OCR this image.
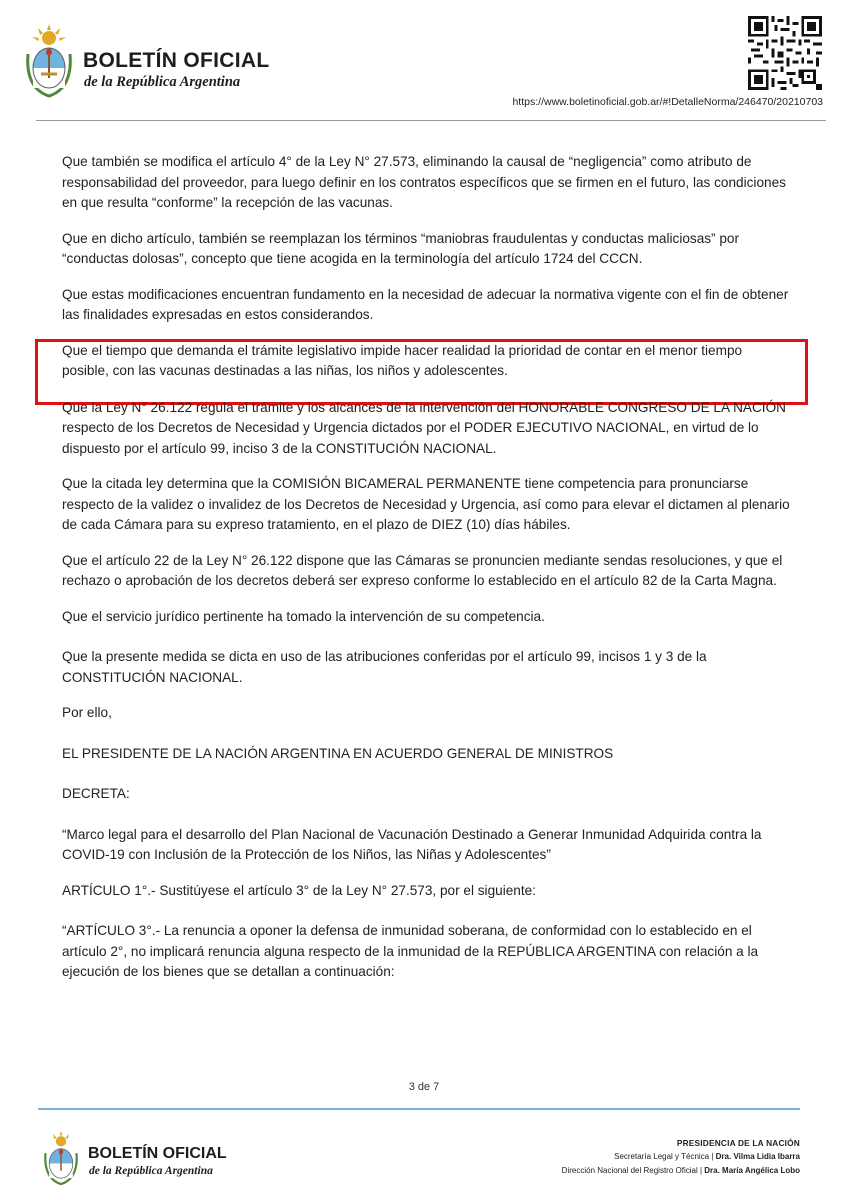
BOLETÍN OFICIAL
de la República Argentina
https://www.boletinoficial.gob.ar/#!DetalleNorma/246470/20210703

Que también se modifica el artículo 4° de la Ley N° 27.573, eliminando la causal de “negligencia” como atributo de responsabilidad del proveedor, para luego definir en los contratos específicos que se firmen en el futuro, las condiciones en que resulta “conforme” la recepción de las vacunas.

Que en dicho artículo, también se reemplazan los términos “maniobras fraudulentas y conductas maliciosas” por “conductas dolosas”, concepto que tiene acogida en la terminología del artículo 1724 del CCCN.

Que estas modificaciones encuentran fundamento en la necesidad de adecuar la normativa vigente con el fin de obtener las finalidades expresadas en estos considerandos.

Que el tiempo que demanda el trámite legislativo impide hacer realidad la prioridad de contar en el menor tiempo posible, con las vacunas destinadas a las niñas, los niños y adolescentes.

Que la Ley N° 26.122 regula el trámite y los alcances de la intervención del HONORABLE CONGRESO DE LA NACIÓN respecto de los Decretos de Necesidad y Urgencia dictados por el PODER EJECUTIVO NACIONAL, en virtud de lo dispuesto por el artículo 99, inciso 3 de la CONSTITUCIÓN NACIONAL.

Que la citada ley determina que la COMISIÓN BICAMERAL PERMANENTE tiene competencia para pronunciarse respecto de la validez o invalidez de los Decretos de Necesidad y Urgencia, así como para elevar el dictamen al plenario de cada Cámara para su expreso tratamiento, en el plazo de DIEZ (10) días hábiles.

Que el artículo 22 de la Ley N° 26.122 dispone que las Cámaras se pronuncien mediante sendas resoluciones, y que el rechazo o aprobación de los decretos deberá ser expreso conforme lo establecido en el artículo 82 de la Carta Magna.

Que el servicio jurídico pertinente ha tomado la intervención de su competencia.

Que la presente medida se dicta en uso de las atribuciones conferidas por el artículo 99, incisos 1 y 3 de la CONSTITUCIÓN NACIONAL.

Por ello,

EL PRESIDENTE DE LA NACIÓN ARGENTINA EN ACUERDO GENERAL DE MINISTROS

DECRETA:

“Marco legal para el desarrollo del Plan Nacional de Vacunación Destinado a Generar Inmunidad Adquirida contra la COVID-19 con Inclusión de la Protección de los Niños, las Niñas y Adolescentes”

ARTÍCULO 1°.- Sustitúyese el artículo 3° de la Ley N° 27.573, por el siguiente:

“ARTÍCULO 3°.- La renuncia a oponer la defensa de inmunidad soberana, de conformidad con lo establecido en el artículo 2°, no implicará renuncia alguna respecto de la inmunidad de la REPÚBLICA ARGENTINA con relación a la ejecución de los bienes que se detallan a continuación:

3 de 7
BOLETÍN OFICIAL
de la República Argentina
PRESIDENCIA DE LA NACIÓN
Secretaría Legal y Técnica | Dra. Vilma Lidia Ibarra
Dirección Nacional del Registro Oficial | Dra. María Angélica Lobo
